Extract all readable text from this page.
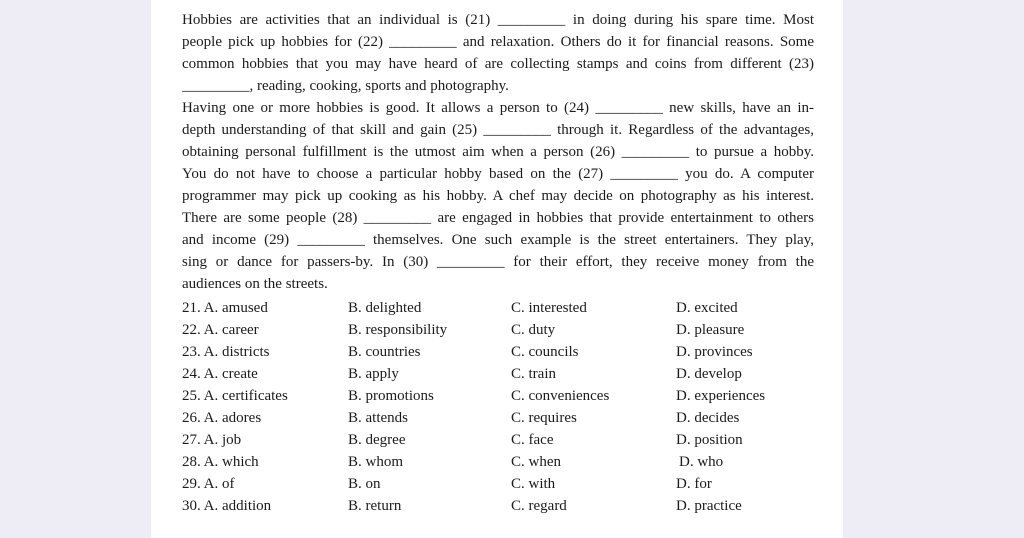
Hobbies are activities that an individual is (21) _________ in doing during his spare time. Most
people pick up hobbies for (22) _________ and relaxation. Others do it for financial reasons. Some
common hobbies that you may have heard of are collecting stamps and coins from different (23)
_________, reading, cooking, sports and photography.
Having one or more hobbies is good. It allows a person to (24) _________ new skills, have an in-
depth understanding of that skill and gain (25) _________ through it. Regardless of the advantages,
obtaining personal fulfillment is the utmost aim when a person (26) _________ to pursue a hobby.
You do not have to choose a particular hobby based on the (27) _________ you do. A computer
programmer may pick up cooking as his hobby. A chef may decide on photography as his interest.
There are some people (28) _________ are engaged in hobbies that provide entertainment to others
and income (29) _________ themselves. One such example is the street entertainers. They play,
sing or dance for passers-by. In (30) _________ for their effort, they receive money from the
audiences on the streets.
21. A. amused	B. delighted	C. interested	D. excited
22. A. career	B. responsibility	C. duty	D. pleasure
23. A. districts	B. countries	C. councils	D. provinces
24. A. create	B. apply	C. train	D. develop
25. A. certificates	B. promotions	C. conveniences	D. experiences
26. A. adores	B. attends	C. requires	D. decides
27. A. job	B. degree	C. face	D. position
28. A. which	B. whom	C. when	D. who
29. A. of	B. on	C. with	D. for
30. A. addition	B. return	C. regard	D. practice
